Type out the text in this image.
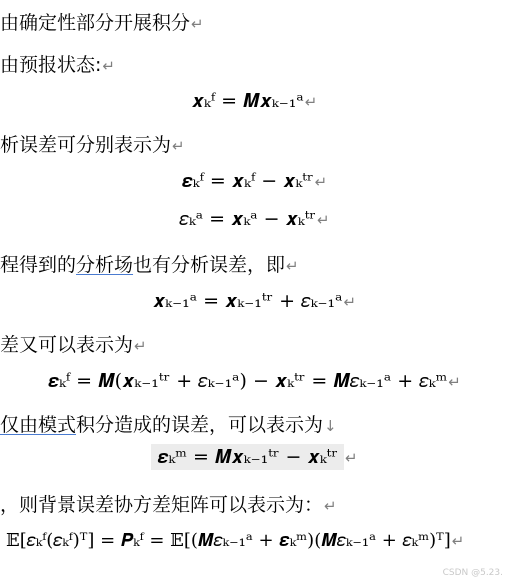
由确定性部分开展积分↵
由预报状态:↵
𝒙ₖᶠ = 𝑴𝒙ₖ₋₁ᵃ↵
析误差可分别表示为↵
𝜺ₖᶠ = 𝒙ₖᶠ − 𝒙ₖᵗʳ↵
𝜀ₖᵃ = 𝒙ₖᵃ − 𝒙ₖᵗʳ↵
程得到的分析场也有分析误差，即↵
𝒙ₖ₋₁ᵃ = 𝒙ₖ₋₁ᵗʳ + 𝜀ₖ₋₁ᵃ↵
差又可以表示为↵
𝜺ₖᶠ = 𝑴(𝒙ₖ₋₁ᵗʳ + 𝜀ₖ₋₁ᵃ) − 𝒙ₖᵗʳ = 𝑴𝜀ₖ₋₁ᵃ + 𝜀ₖᵐ↵
仅由模式积分造成的误差，可以表示为↓
𝜺ₖᵐ = 𝑴𝒙ₖ₋₁ᵗʳ − 𝒙ₖᵗʳ ↵
，则背景误差协方差矩阵可以表示为：↵
𝔼[𝜀ₖᶠ(𝜀ₖᶠ)ᵀ] = 𝑷ₖᶠ = 𝔼[(𝑴𝜀ₖ₋₁ᵃ + 𝜺ₖᵐ)(𝑴𝜀ₖ₋₁ᵃ + 𝜀ₖᵐ)ᵀ]↵
CSDN @5.23.
